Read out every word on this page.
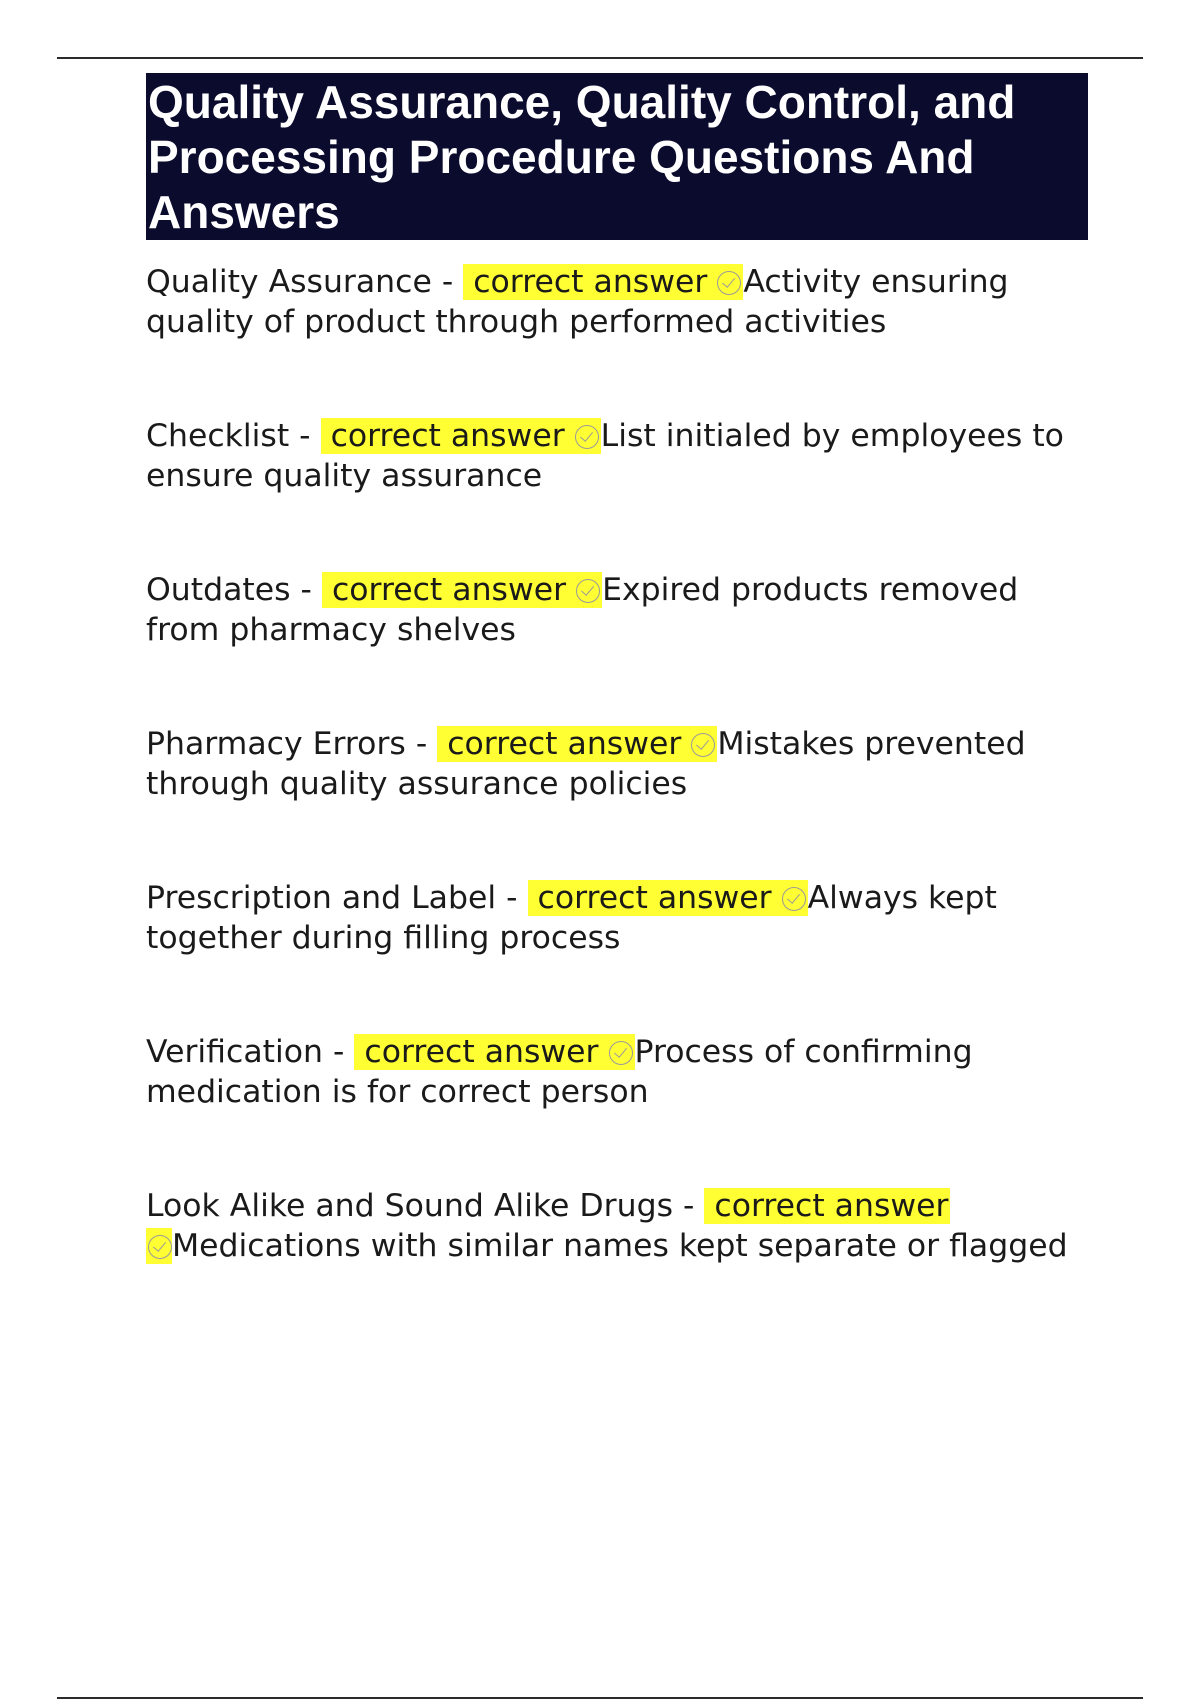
Quality Assurance, Quality Control, and Processing Procedure Questions And Answers

Quality Assurance - correct answer Activity ensuring quality of product through performed activities

Checklist - correct answer List initialed by employees to ensure quality assurance

Outdates - correct answer Expired products removed from pharmacy shelves

Pharmacy Errors - correct answer Mistakes prevented through quality assurance policies

Prescription and Label - correct answer Always kept together during filling process

Verification - correct answer Process of confirming medication is for correct person

Look Alike and Sound Alike Drugs - correct answer
Medications with similar names kept separate or flagged
